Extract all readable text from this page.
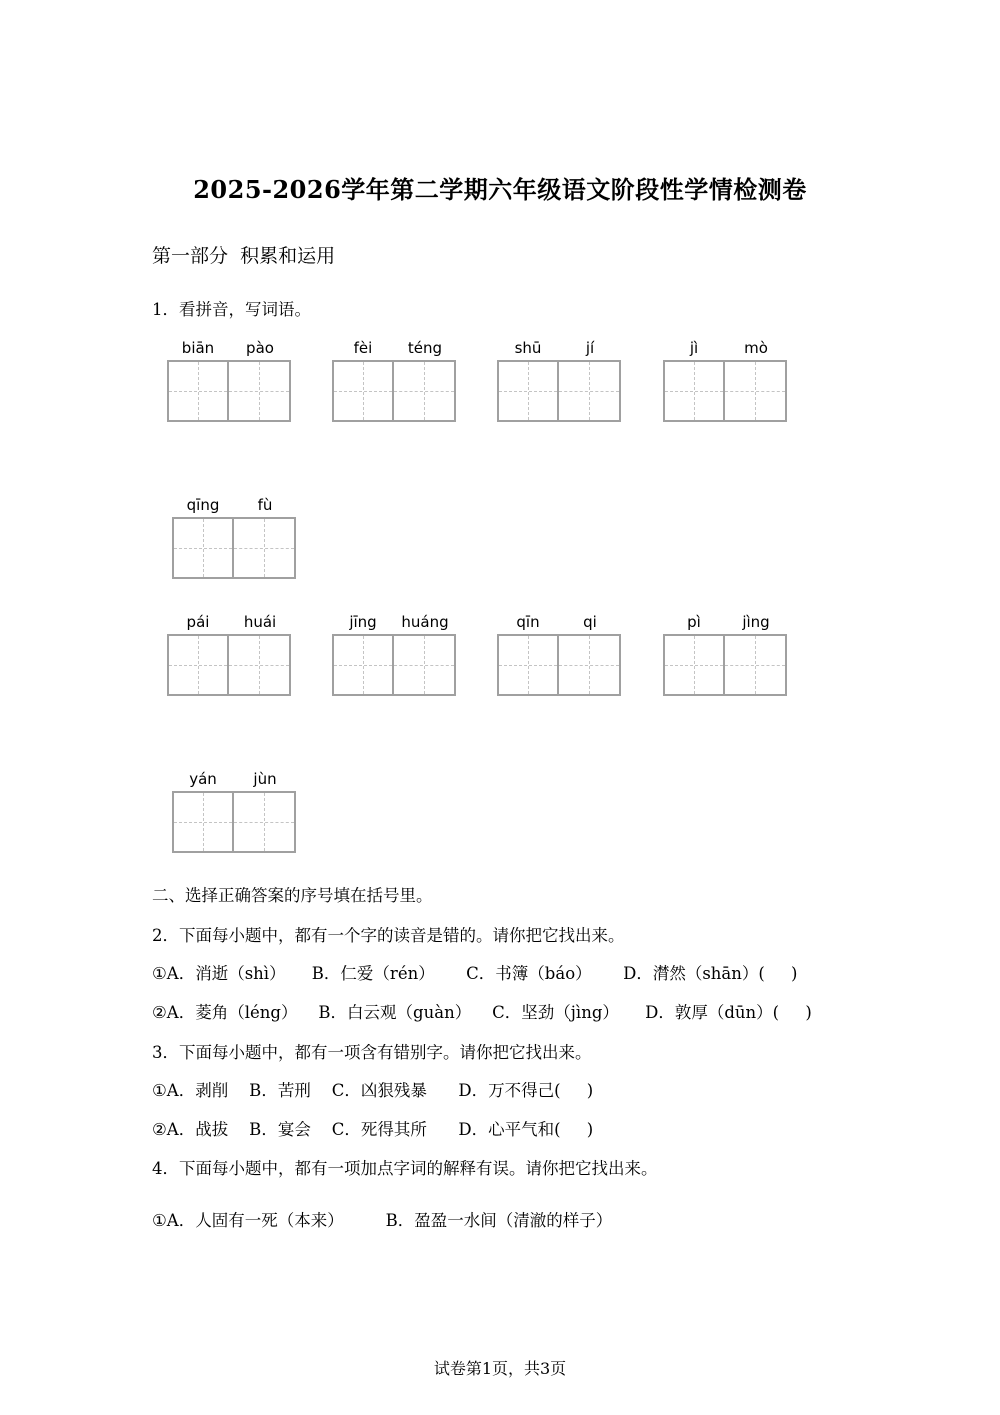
2025-2026学年第二学期六年级语文阶段性学情检测卷
第一部分  积累和运用
1．看拼音，写词语。
biān	pào	fèi	téng	shū	jí	jì	mò
qīng	fù
pái	huái	jīng	huáng	qīn	qi	pì	jìng
yán	jùn
二、选择正确答案的序号填在括号里。
2．下面每小题中，都有一个字的读音是错的。请你把它找出来。
①A．消逝（shì）     B．仁爱（rén）      C．书簿（báo）      D．潸然（shān）(     )
②A．菱角（léng）    B．白云观（guàn）    C．坚劲（jìng）     D．敦厚（dūn）(     )
3．下面每小题中，都有一项含有错别字。请你把它找出来。
①A．剥削    B．苦刑    C．凶狠残暴      D．万不得己(     )
②A．战拔    B．宴会    C．死得其所      D．心平气和(     )
4．下面每小题中，都有一项加点字词的解释有误。请你把它找出来。
①A．人固有一死（本来）        B．盈盈一水间（清澈的样子）
试卷第1页，共3页
